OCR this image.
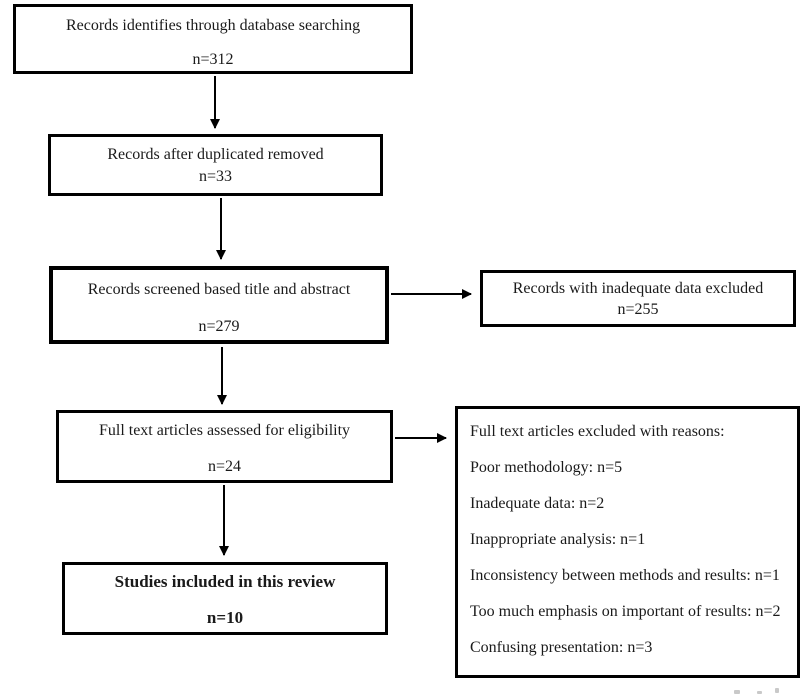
Records identifies through database searching
n=312
Records after duplicated removed
n=33
Records screened based title and abstract
n=279
Records with inadequate data excluded
n=255
Full text articles assessed for eligibility
n=24
Full text articles excluded with reasons:
Poor methodology: n=5
Inadequate data: n=2
Inappropriate analysis: n=1
Inconsistency between methods and results: n=1
Too much emphasis on important of results: n=2
Confusing presentation: n=3
Studies included in this review
n=10
